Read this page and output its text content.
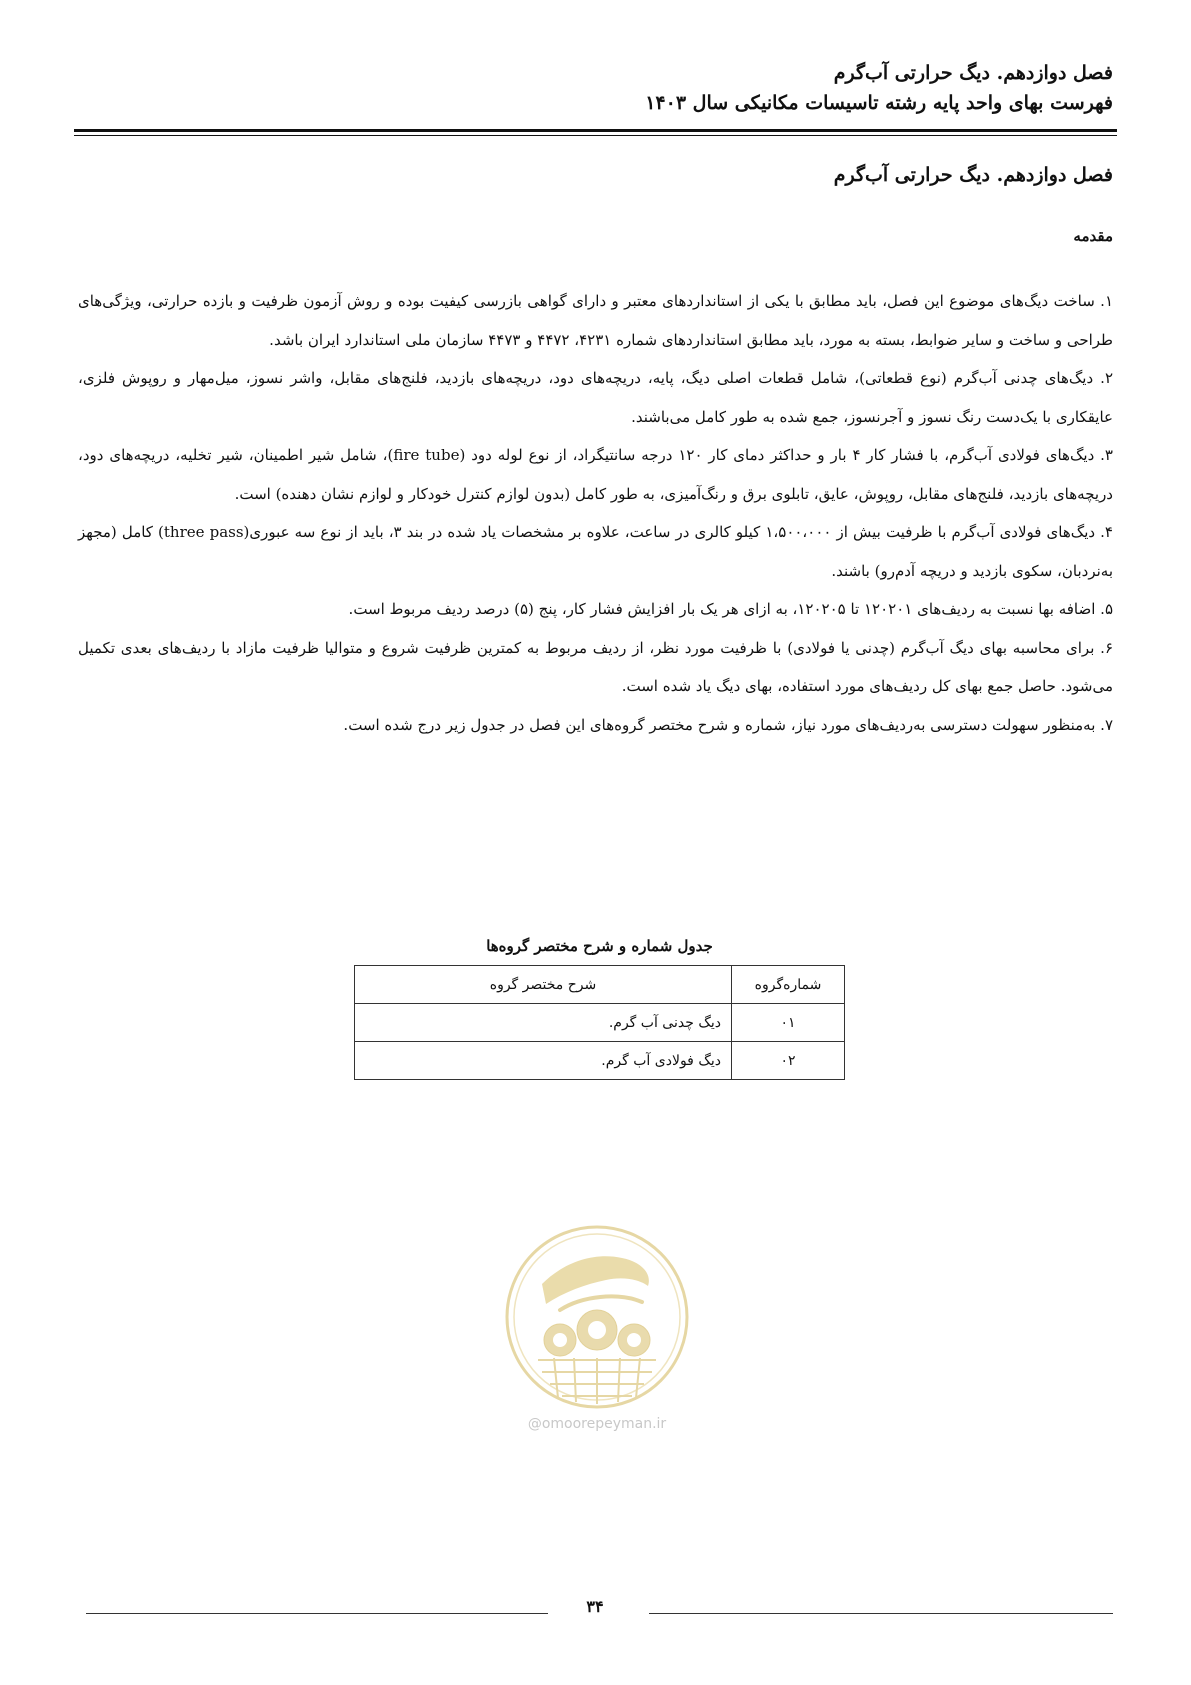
فصل دوازدهم. دیگ حرارتی آب‌گرم
فهرست بهای واحد پایه رشته تاسیسات مکانیکی سال ۱۴۰۳
فصل دوازدهم. دیگ حرارتی آب‌گرم
مقدمه

۱. ساخت دیگ‌های موضوع این فصل، باید مطابق با یکی از استانداردهای معتبر و دارای گواهی بازرسی کیفیت بوده و روش آزمون ظرفیت و بازده حرارتی، ویژگی‌های طراحی و ساخت و سایر ضوابط، بسته به مورد، باید مطابق استانداردهای شماره ۴۲۳۱، ۴۴۷۲ و ۴۴۷۳ سازمان ملی استاندارد ایران باشد.

۲. دیگ‌های چدنی آب‌گرم (نوع قطعاتی)، شامل قطعات اصلی دیگ، پایه، دریچه‌های دود، دریچه‌های بازدید، فلنج‌های مقابل، واشر نسوز، میل‌مهار و روپوش فلزی، عایقکاری با یک‌دست رنگ نسوز و آجرنسوز، جمع شده به طور کامل می‌باشند.

۳. دیگ‌های فولادی آب‌گرم، با فشار کار ۴ بار و حداکثر دمای کار ۱۲۰ درجه سانتیگراد، از نوع لوله دود (fire tube)، شامل شیر اطمینان، شیر تخلیه، دریچه‌های دود، دریچه‌های بازدید، فلنج‌های مقابل، روپوش، عایق، تابلوی برق و رنگ‌آمیزی، به طور کامل (بدون لوازم کنترل خودکار و لوازم نشان دهنده) است.

۴. دیگ‌های فولادی آب‌گرم با ظرفیت بیش از ۱،۵۰۰،۰۰۰ کیلو کالری در ساعت، علاوه بر مشخصات یاد شده در بند ۳، باید از نوع سه عبوری(three pass) کامل (مجهز به‌نردبان، سکوی بازدید و دریچه آدم‌رو) باشند.

۵. اضافه بها نسبت به ردیف‌های ۱۲۰۲۰۱ تا ۱۲۰۲۰۵، به ازای هر یک بار افزایش فشار کار، پنج (۵) درصد ردیف مربوط است.

۶. برای محاسبه بهای دیگ آب‌گرم (چدنی یا فولادی) با ظرفیت مورد نظر، از ردیف مربوط به کمترین ظرفیت شروع و متوالیا ظرفیت مازاد با ردیف‌های بعدی تکمیل می‌شود. حاصل جمع بهای کل ردیف‌های مورد استفاده، بهای دیگ یاد شده است.

۷. به‌منظور سهولت دسترسی به‌ردیف‌های مورد نیاز، شماره و شرح مختصر گروه‌های این فصل در جدول زیر درج شده است.

جدول شماره و شرح مختصر گروه‌ها
شماره‌گروه	شرح مختصر گروه
۰۱	دیگ چدنی آب گرم.
۰۲	دیگ فولادی آب گرم.
@omoorepeyman.ir
۳۴
